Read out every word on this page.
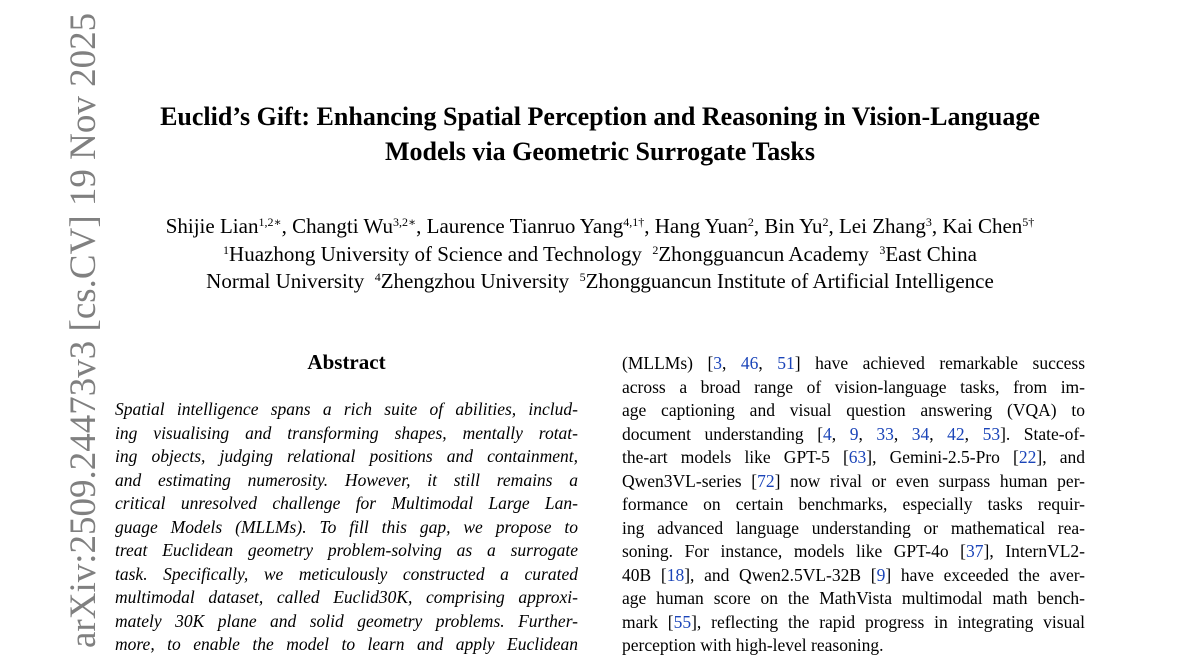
Euclid’s Gift: Enhancing Spatial Perception and Reasoning in Vision-Language
Models via Geometric Surrogate Tasks
Shijie Lian$^{1,2∗}$, Changti $Wu^{3,2∗}$, Laurence Tianruo Yang$^{4,1\dagger}$, Hang Yuan$^2$, Bin Yu$^2$, Lei Zhang$^3$, Kai Chen$^{5\dagger}$
$^1$Huazhong University of Science and Technology $^2$Zhongguancun Academy $^3$East China
Normal University $^4$Zhengzhou University $^5$Zhongguancun Institute of Artificial Intelligence
arXiv:2509.24473v3 [cs.CV] 19 Nov 2025	Abstract
Spatial intelligence spans a rich suite of abilities, includ-
ing visualising and transforming shapes, mentally rotat-
ing objects, judging relational positions and containment,
and estimating numerosity. However, it still remains a
critical unresolved challenge for Multimodal Large Lan-
guage Models (MLLMs). To fill this gap, we propose to
treat Euclidean geometry problem-solving as a surrogate
task. Specifically, we meticulously constructed a curated
multimodal dataset, called Euclid30K, comprising approxi-
mately 30K plane and solid geometry problems. Further-
more, to enable the model to learn and apply Euclidean
(MLLMs) [3, 46, 51] have achieved remarkable success
across a broad range of vision-language tasks, from im-
age captioning and visual question answering (VQA) to
document understanding [4, 9, 33, 34, 42, 53]. State-of-
the-art models like GPT-5 [63], Gemini-2.5-Pro [22], and
Qwen3VL-series [72] now rival or even surpass human per-
formance on certain benchmarks, especially tasks requir-
ing advanced language understanding or mathematical rea-
soning. For instance, models like GPT-4o [37], InternVL2-
40B [18], and Qwen2.5VL-32B [9] have exceeded the aver-
age human score on the MathVista multimodal math bench-
mark [55], reflecting the rapid progress in integrating visual
perception with high-level reasoning.
